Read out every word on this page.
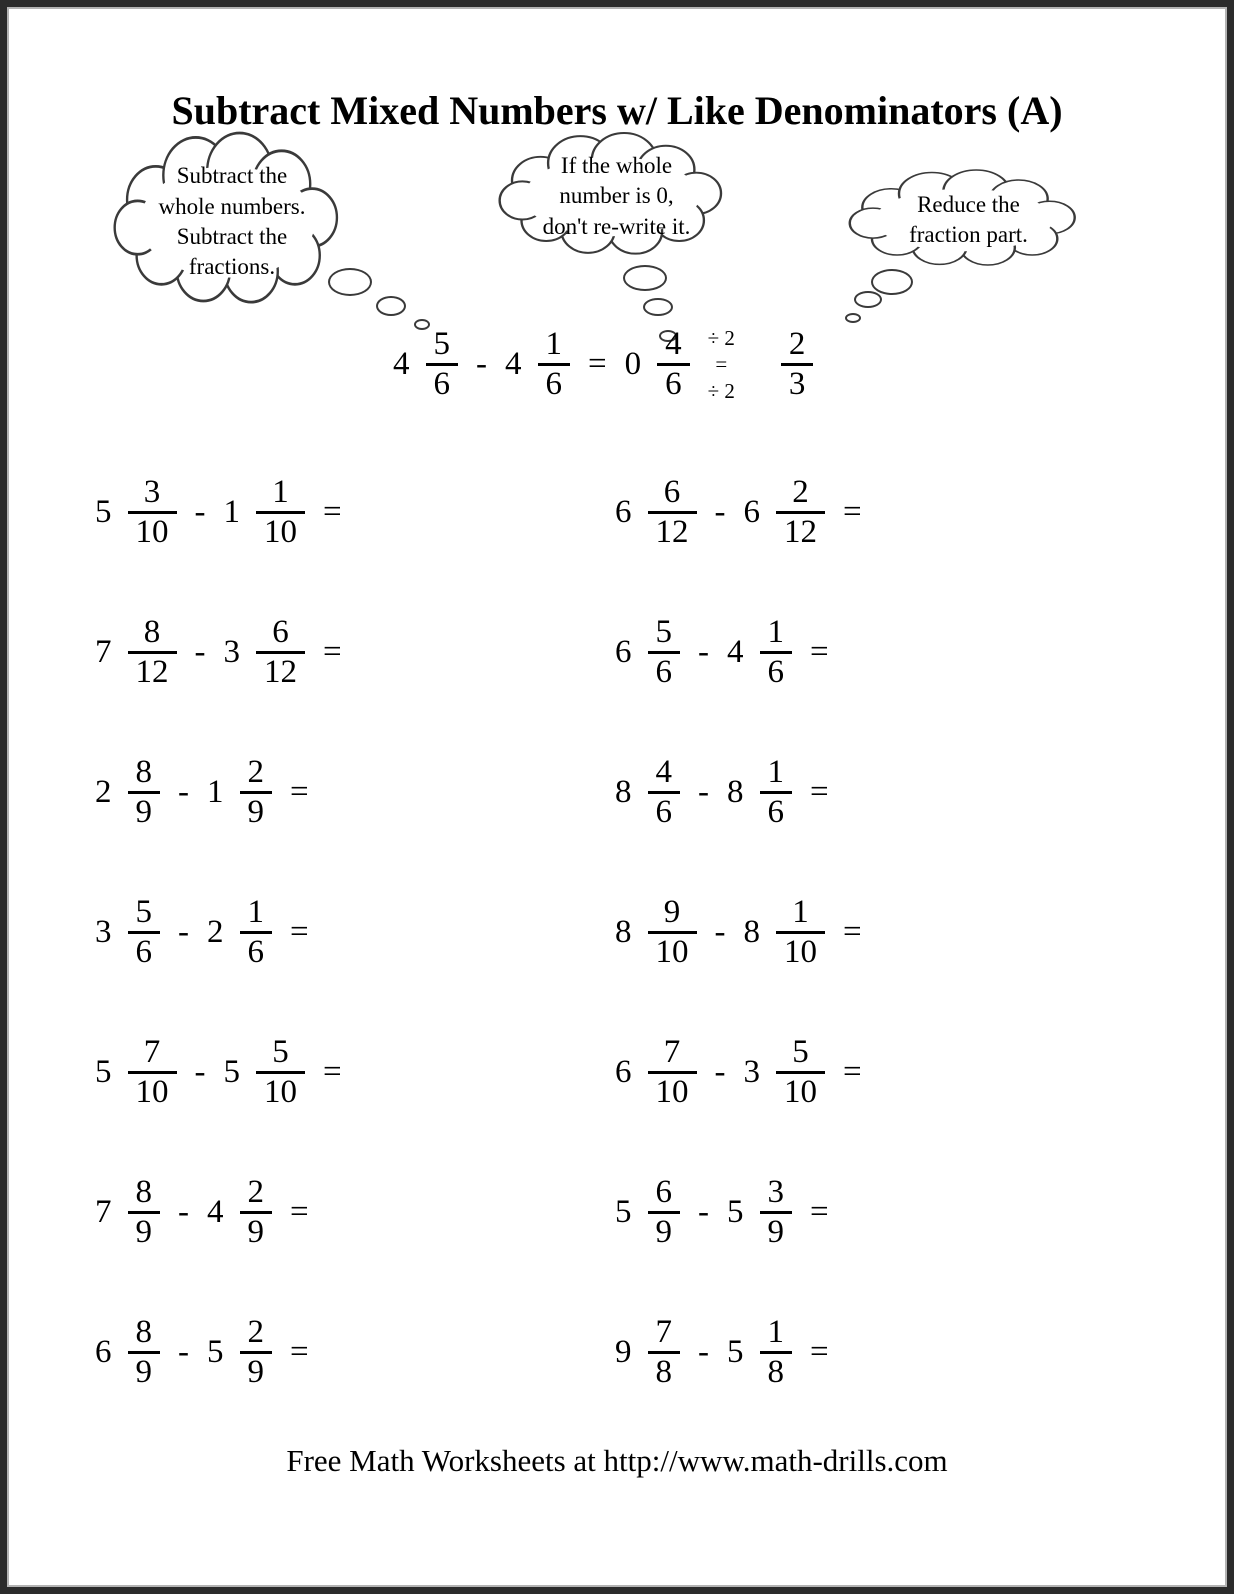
Subtract Mixed Numbers w/ Like Denominators (A)
Subtract the
whole numbers.
Subtract the
fractions.
If the whole
number is 0,
don't re-write it.
Reduce the
fraction part.
$4 \frac{5}{6} - 4 \frac{1}{6} = 0 \frac{4}{6} \div 2$
=
÷ $2 \frac{2}{3}$
$5 \frac{3}{10} - 1 \frac{1}{10}$ =	$6 \frac{6}{12} - 6 \frac{2}{12}$ =
$7 \frac{8}{12} - 3 \frac{6}{12}$ =	$6 \frac{5}{6} - 4 \frac{1}{6}$ =
$2 \frac{8}{9} - 1 \frac{2}{9}$ =	$8 \frac{4}{6} - 8 \frac{1}{6}$ =
$3 \frac{5}{6} - 2 \frac{1}{6}$ =	$8 \frac{9}{10} - 8 \frac{1}{10}$ =
$5 \frac{7}{10} - 5 \frac{5}{10}$ =	$6 \frac{7}{10} - 3 \frac{5}{10}$ =
$7 \frac{8}{9} - 4 \frac{2}{9}$ =	$5 \frac{6}{9} - 5 \frac{3}{9}$ =
$6 \frac{8}{9} - 5 \frac{2}{9}$ =	$9 \frac{7}{8} - 5 \frac{1}{8}$ =
Free Math Worksheets at http://www.math-drills.com
